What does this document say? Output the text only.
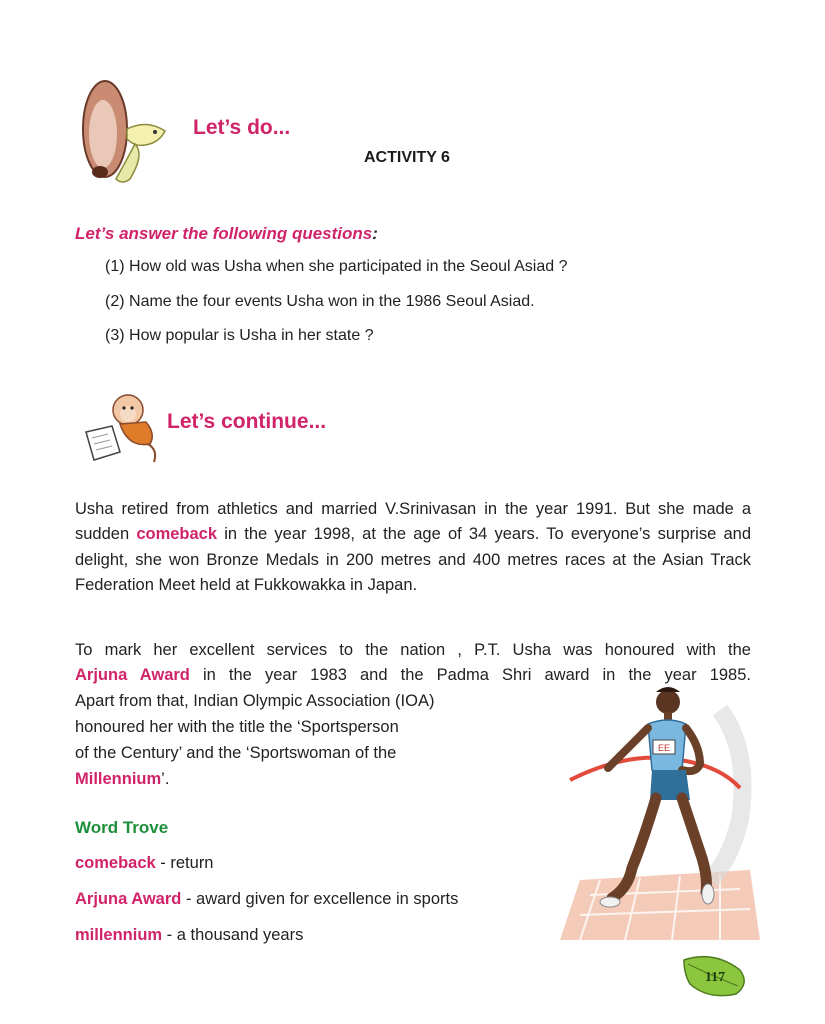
Let’s do...
ACTIVITY 6
Let’s answer the following questions:
(1) How old was Usha when she participated in the Seoul Asiad ?
(2) Name the four events Usha won in the 1986 Seoul Asiad.
(3) How popular is Usha in her state ?
Let’s continue...
Usha retired from athletics and married V.Srinivasan in the year 1991. But she made a sudden comeback in the year 1998, at the age of 34 years. To everyone’s surprise and delight, she won Bronze Medals in 200 metres and 400 metres races at the Asian Track Federation Meet held at Fukkowakka in Japan.
To mark her excellent services to the nation , P.T. Usha was honoured with the
Arjuna Award in the year 1983 and the Padma Shri award in the year 1985.
Apart from that, Indian Olympic Association (IOA)
honoured her with the title the ‘Sportsperson
of the Century’ and the ‘Sportswoman of the
Millennium’.
EE
Word Trove
comeback - return
Arjuna Award - award given for excellence in sports
millennium - a thousand years
117
